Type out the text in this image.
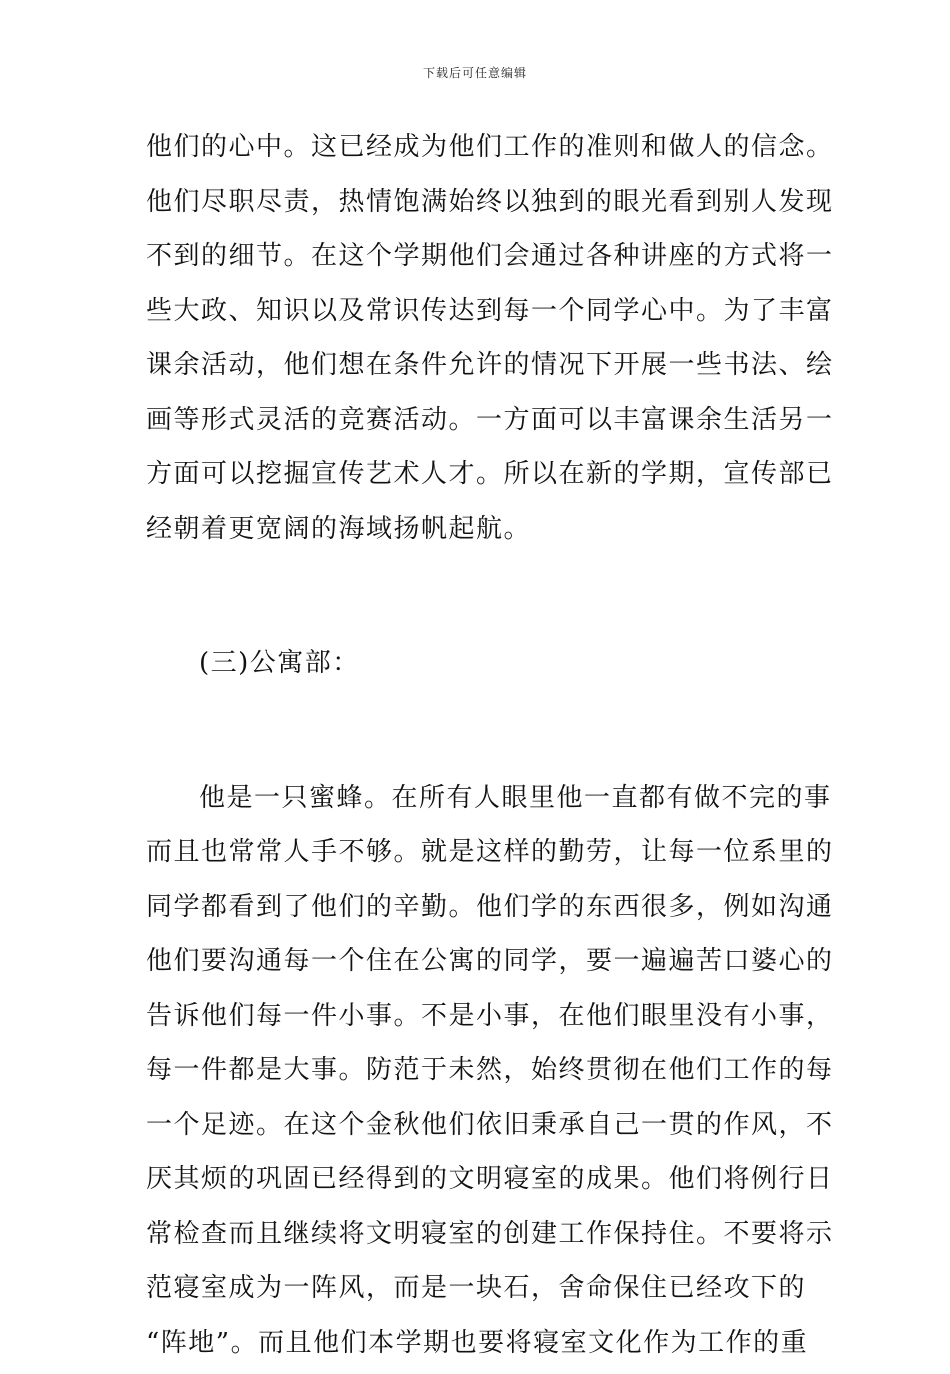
下载后可任意编辑
他们的心中。这已经成为他们工作的准则和做人的信念。
他们尽职尽责，热情饱满始终以独到的眼光看到别人发现
不到的细节。在这个学期他们会通过各种讲座的方式将一
些大政、知识以及常识传达到每一个同学心中。为了丰富
课余活动，他们想在条件允许的情况下开展一些书法、绘
画等形式灵活的竞赛活动。一方面可以丰富课余生活另一
方面可以挖掘宣传艺术人才。所以在新的学期，宣传部已
经朝着更宽阔的海域扬帆起航。
(三)公寓部：
他是一只蜜蜂。在所有人眼里他一直都有做不完的事
而且也常常人手不够。就是这样的勤劳，让每一位系里的
同学都看到了他们的辛勤。他们学的东西很多，例如沟通
他们要沟通每一个住在公寓的同学，要一遍遍苦口婆心的
告诉他们每一件小事。不是小事，在他们眼里没有小事，
每一件都是大事。防范于未然，始终贯彻在他们工作的每
一个足迹。在这个金秋他们依旧秉承自己一贯的作风，不
厌其烦的巩固已经得到的文明寝室的成果。他们将例行日
常检查而且继续将文明寝室的创建工作保持住。不要将示
范寝室成为一阵风，而是一块石，舍命保住已经攻下的
“阵地”。而且他们本学期也要将寝室文化作为工作的重
